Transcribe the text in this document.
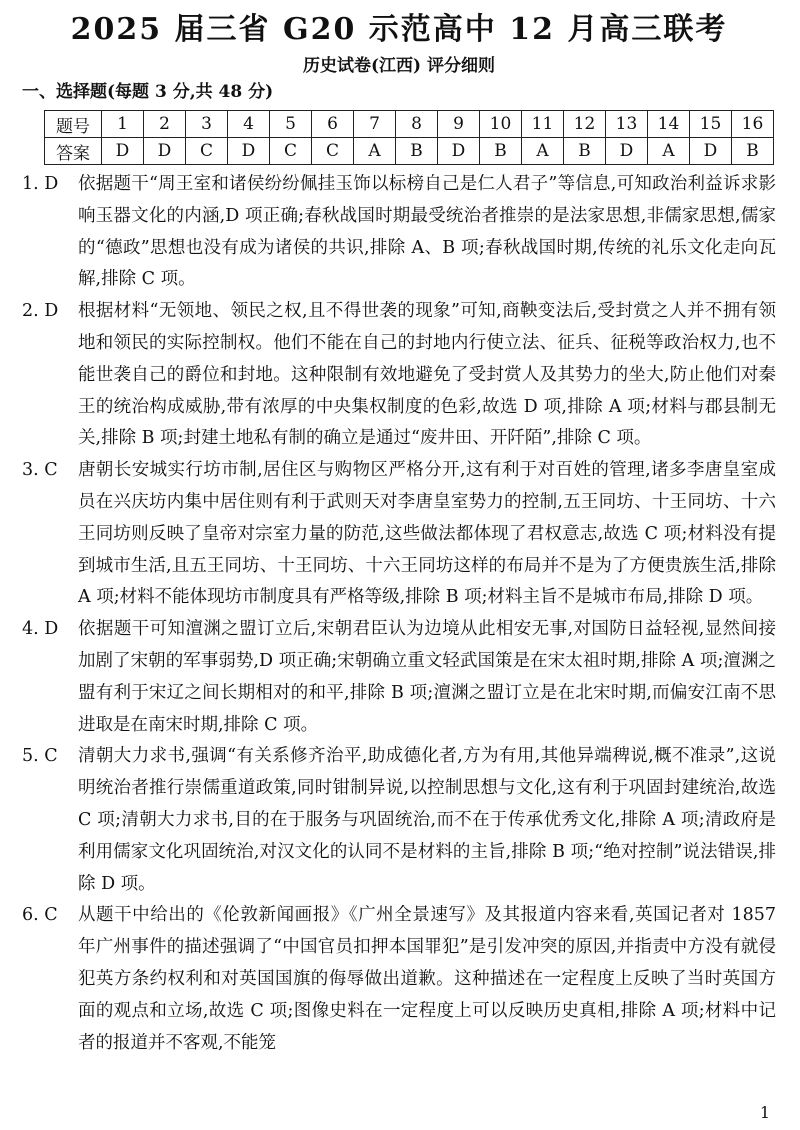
2025 届三省 G20 示范高中 12 月高三联考
历史试卷(江西) 评分细则
一、选择题(每题 3 分,共 48 分)
题号	1	2	3	4	5	6	7	8	9	10	11	12	13	14	15	16
答案	D	D	C	D	C	C	A	B	D	B	A	B	D	A	D	B

1. D	依据题干“周王室和诸侯纷纷佩挂玉饰以标榜自己是仁人君子”等信息,可知政治利益诉求影响玉器文化的内涵,D 项正确;春秋战国时期最受统治者推崇的是法家思想,非儒家思想,儒家的“德政”思想也没有成为诸侯的共识,排除 A、B 项;春秋战国时期,传统的礼乐文化走向瓦解,排除 C 项。

2. D	根据材料“无领地、领民之权,且不得世袭的现象”可知,商鞅变法后,受封赏之人并不拥有领地和领民的实际控制权。他们不能在自己的封地内行使立法、征兵、征税等政治权力,也不能世袭自己的爵位和封地。这种限制有效地避免了受封赏人及其势力的坐大,防止他们对秦王的统治构成威胁,带有浓厚的中央集权制度的色彩,故选 D 项,排除 A 项;材料与郡县制无关,排除 B 项;封建土地私有制的确立是通过“废井田、开阡陌”,排除 C 项。

3. C	唐朝长安城实行坊市制,居住区与购物区严格分开,这有利于对百姓的管理,诸多李唐皇室成员在兴庆坊内集中居住则有利于武则天对李唐皇室势力的控制,五王同坊、十王同坊、十六王同坊则反映了皇帝对宗室力量的防范,这些做法都体现了君权意志,故选 C 项;材料没有提到城市生活,且五王同坊、十王同坊、十六王同坊这样的布局并不是为了方便贵族生活,排除 A 项;材料不能体现坊市制度具有严格等级,排除 B 项;材料主旨不是城市布局,排除 D 项。

4. D	依据题干可知澶渊之盟订立后,宋朝君臣认为边境从此相安无事,对国防日益轻视,显然间接加剧了宋朝的军事弱势,D 项正确;宋朝确立重文轻武国策是在宋太祖时期,排除 A 项;澶渊之盟有利于宋辽之间长期相对的和平,排除 B 项;澶渊之盟订立是在北宋时期,而偏安江南不思进取是在南宋时期,排除 C 项。

5. C	清朝大力求书,强调“有关系修齐治平,助成德化者,方为有用,其他异端稗说,概不准录”,这说明统治者推行崇儒重道政策,同时钳制异说,以控制思想与文化,这有利于巩固封建统治,故选 C 项;清朝大力求书,目的在于服务与巩固统治,而不在于传承优秀文化,排除 A 项;清政府是利用儒家文化巩固统治,对汉文化的认同不是材料的主旨,排除 B 项;“绝对控制”说法错误,排除 D 项。

6. C	从题干中给出的《伦敦新闻画报》《广州全景速写》及其报道内容来看,英国记者对 1857 年广州事件的描述强调了“中国官员扣押本国罪犯”是引发冲突的原因,并指责中方没有就侵犯英方条约权利和对英国国旗的侮辱做出道歉。这种描述在一定程度上反映了当时英国方面的观点和立场,故选 C 项;图像史料在一定程度上可以反映历史真相,排除 A 项;材料中记者的报道并不客观,不能笼

1
